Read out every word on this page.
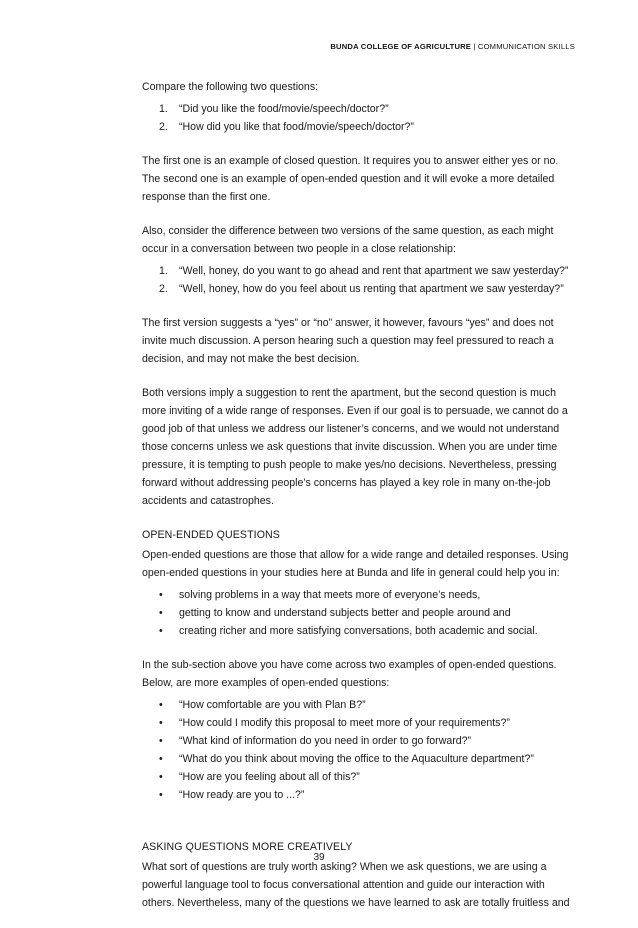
BUNDA COLLEGE OF AGRICULTURE | COMMUNICATION SKILLS

Compare the following two questions:

1. “Did you like the food/movie/speech/doctor?”
2. “How did you like that food/movie/speech/doctor?”

The first one is an example of closed question. It requires you to answer either yes or no. The second one is an example of open-ended question and it will evoke a more detailed response than the first one.

Also, consider the difference between two versions of the same question, as each might occur in a conversation between two people in a close relationship:

1. “Well, honey, do you want to go ahead and rent that apartment we saw yesterday?”
2. “Well, honey, how do you feel about us renting that apartment we saw yesterday?”

The first version suggests a “yes” or “no” answer, it however, favours “yes” and does not invite much discussion. A person hearing such a question may feel pressured to reach a decision, and may not make the best decision.

Both versions imply a suggestion to rent the apartment, but the second question is much more inviting of a wide range of responses. Even if our goal is to persuade, we cannot do a good job of that unless we address our listener’s concerns, and we would not understand those concerns unless we ask questions that invite discussion. When you are under time pressure, it is tempting to push people to make yes/no decisions. Nevertheless, pressing forward without addressing people’s concerns has played a key role in many on-the-job accidents and catastrophes.

OPEN-ENDED QUESTIONS

Open-ended questions are those that allow for a wide range and detailed responses. Using open-ended questions in your studies here at Bunda and life in general could help you in:

• solving problems in a way that meets more of everyone’s needs,
• getting to know and understand subjects better and people around and
• creating richer and more satisfying conversations, both academic and social.

In the sub-section above you have come across two examples of open-ended questions. Below, are more examples of open-ended questions:

• “How comfortable are you with Plan B?”
• “How could I modify this proposal to meet more of your requirements?”
• “What kind of information do you need in order to go forward?”
• “What do you think about moving the office to the Aquaculture department?”
• “How are you feeling about all of this?”
• “How ready are you to ...?”
ASKING QUESTIONS MORE CREATIVELY

What sort of questions are truly worth asking? When we ask questions, we are using a powerful language tool to focus conversational attention and guide our interaction with others. Nevertheless, many of the questions we have learned to ask are totally fruitless and

39
